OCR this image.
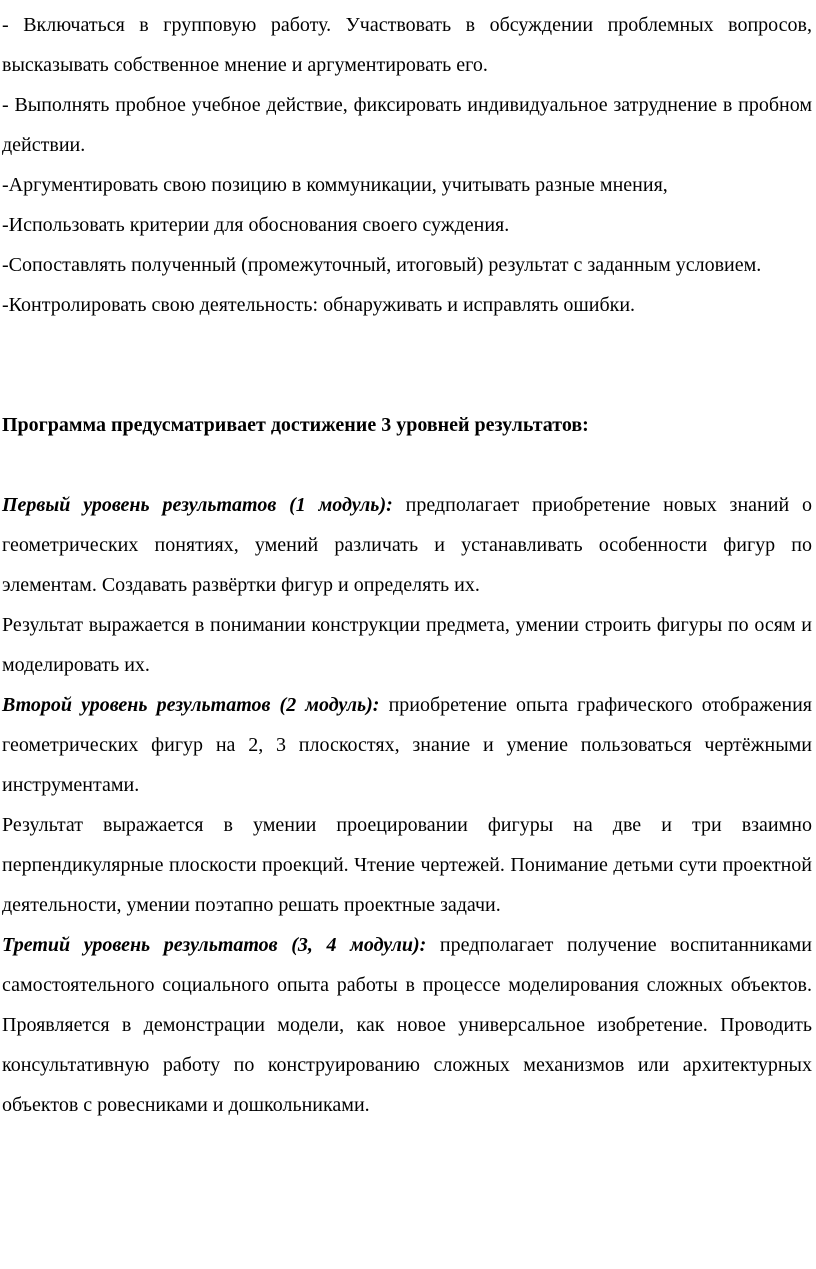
- Включаться в групповую работу. Участвовать в обсуждении проблемных вопросов, высказывать собственное мнение и аргументировать его.

- Выполнять пробное учебное действие, фиксировать индивидуальное затруднение в пробном действии.

-Аргументировать свою позицию в коммуникации, учитывать разные мнения,

-Использовать критерии для обоснования своего суждения.

-Сопоставлять полученный (промежуточный, итоговый) результат с заданным условием.

-Контролировать свою деятельность: обнаруживать и исправлять ошибки.

Программа предусматривает достижение 3 уровней результатов:

Первый уровень результатов (1 модуль): предполагает приобретение новых знаний о геометрических понятиях, умений различать и устанавливать особенности фигур по элементам. Создавать развёртки фигур и определять их.

Результат выражается в понимании конструкции предмета, умении строить фигуры по осям и моделировать их.

Второй уровень результатов (2 модуль): приобретение опыта графического отображения геометрических фигур на 2, 3 плоскостях, знание и умение пользоваться чертёжными инструментами.

Результат выражается в умении проецировании фигуры на две и три взаимно перпендикулярные плоскости проекций. Чтение чертежей. Понимание детьми сути проектной деятельности, умении поэтапно решать проектные задачи.

Третий уровень результатов (3, 4 модули): предполагает получение воспитанниками самостоятельного социального опыта работы в процессе моделирования сложных объектов. Проявляется в демонстрации модели, как новое универсальное изобретение. Проводить консультативную работу по конструированию сложных механизмов или архитектурных объектов с ровесниками и дошкольниками.
